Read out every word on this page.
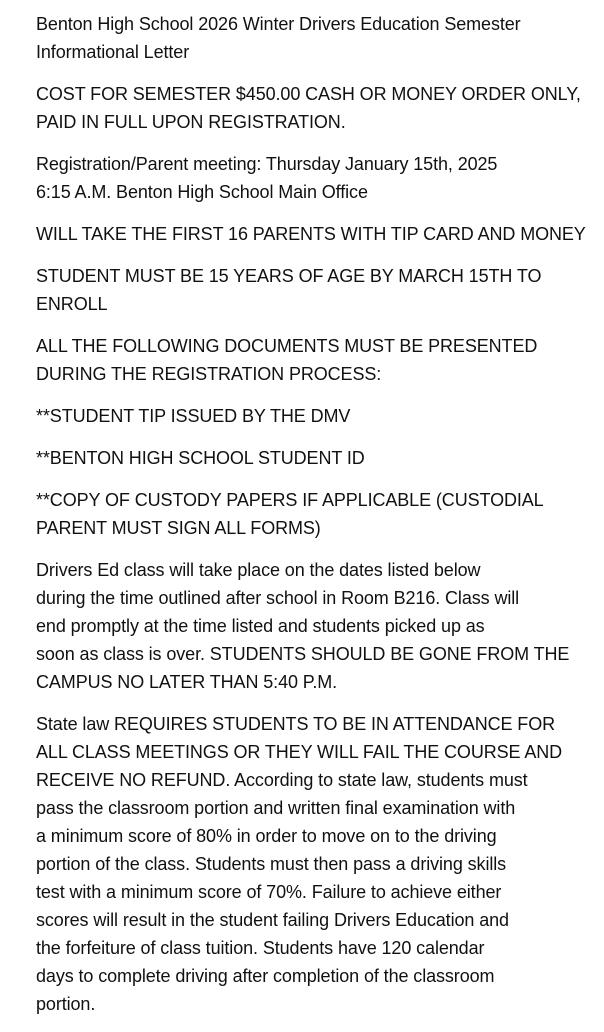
Benton High School 2026 Winter Drivers Education Semester
Informational Letter

COST FOR SEMESTER $450.00 CASH OR MONEY ORDER ONLY,
PAID IN FULL UPON REGISTRATION.

Registration/Parent meeting: Thursday January 15th, 2025
6:15 A.M. Benton High School Main Office

WILL TAKE THE FIRST 16 PARENTS WITH TIP CARD AND MONEY

STUDENT MUST BE 15 YEARS OF AGE BY MARCH 15TH TO
ENROLL

ALL THE FOLLOWING DOCUMENTS MUST BE PRESENTED
DURING THE REGISTRATION PROCESS:

**STUDENT TIP ISSUED BY THE DMV

**BENTON HIGH SCHOOL STUDENT ID

**COPY OF CUSTODY PAPERS IF APPLICABLE (CUSTODIAL
PARENT MUST SIGN ALL FORMS)

Drivers Ed class will take place on the dates listed below
during the time outlined after school in Room B216. Class will
end promptly at the time listed and students picked up as
soon as class is over. STUDENTS SHOULD BE GONE FROM THE
CAMPUS NO LATER THAN 5:40 P.M.

State law REQUIRES STUDENTS TO BE IN ATTENDANCE FOR
ALL CLASS MEETINGS OR THEY WILL FAIL THE COURSE AND
RECEIVE NO REFUND. According to state law, students must
pass the classroom portion and written final examination with
a minimum score of 80% in order to move on to the driving
portion of the class. Students must then pass a driving skills
test with a minimum score of 70%. Failure to achieve either
scores will result in the student failing Drivers Education and
the forfeiture of class tuition. Students have 120 calendar
days to complete driving after completion of the classroom
portion.
